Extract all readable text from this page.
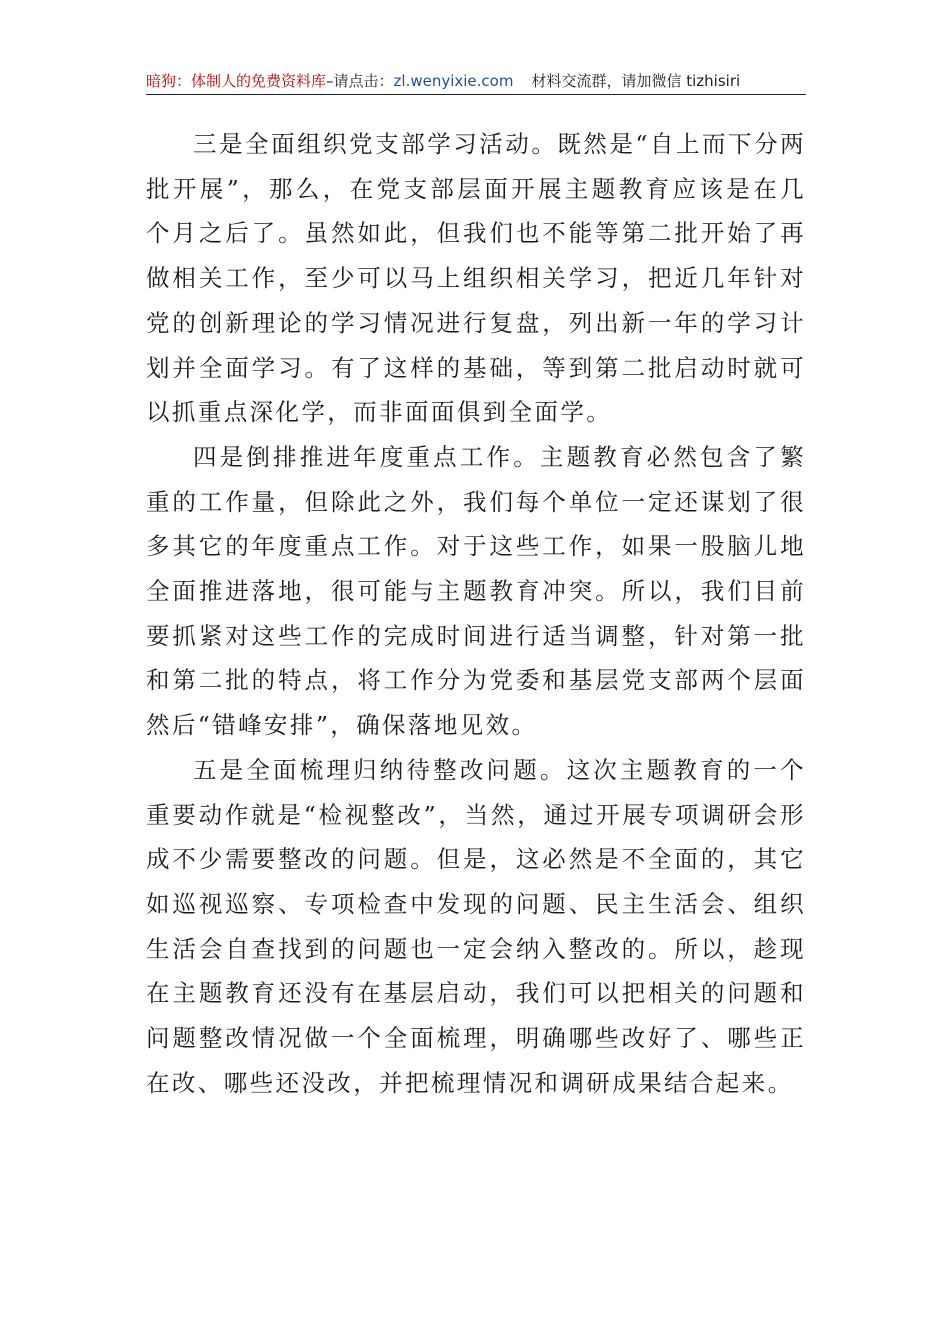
暗狗：体制人的免费资料库–请点击：zl.wenyixie.com 材料交流群，请加微信 tizhisiri

三是全面组织党支部学习活动。既然是“自上而下分两批开展”，那么，在党支部层面开展主题教育应该是在几个月之后了。虽然如此，但我们也不能等第二批开始了再做相关工作，至少可以马上组织相关学习，把近几年针对党的创新理论的学习情况进行复盘，列出新一年的学习计划并全面学习。有了这样的基础，等到第二批启动时就可以抓重点深化学，而非面面俱到全面学。

四是倒排推进年度重点工作。主题教育必然包含了繁重的工作量，但除此之外，我们每个单位一定还谋划了很多其它的年度重点工作。对于这些工作，如果一股脑儿地全面推进落地，很可能与主题教育冲突。所以，我们目前要抓紧对这些工作的完成时间进行适当调整，针对第一批和第二批的特点，将工作分为党委和基层党支部两个层面然后“错峰安排”，确保落地见效。

五是全面梳理归纳待整改问题。这次主题教育的一个重要动作就是“检视整改”，当然，通过开展专项调研会形成不少需要整改的问题。但是，这必然是不全面的，其它如巡视巡察、专项检查中发现的问题、民主生活会、组织生活会自查找到的问题也一定会纳入整改的。所以，趁现在主题教育还没有在基层启动，我们可以把相关的问题和问题整改情况做一个全面梳理，明确哪些改好了、哪些正在改、哪些还没改，并把梳理情况和调研成果结合起来。
